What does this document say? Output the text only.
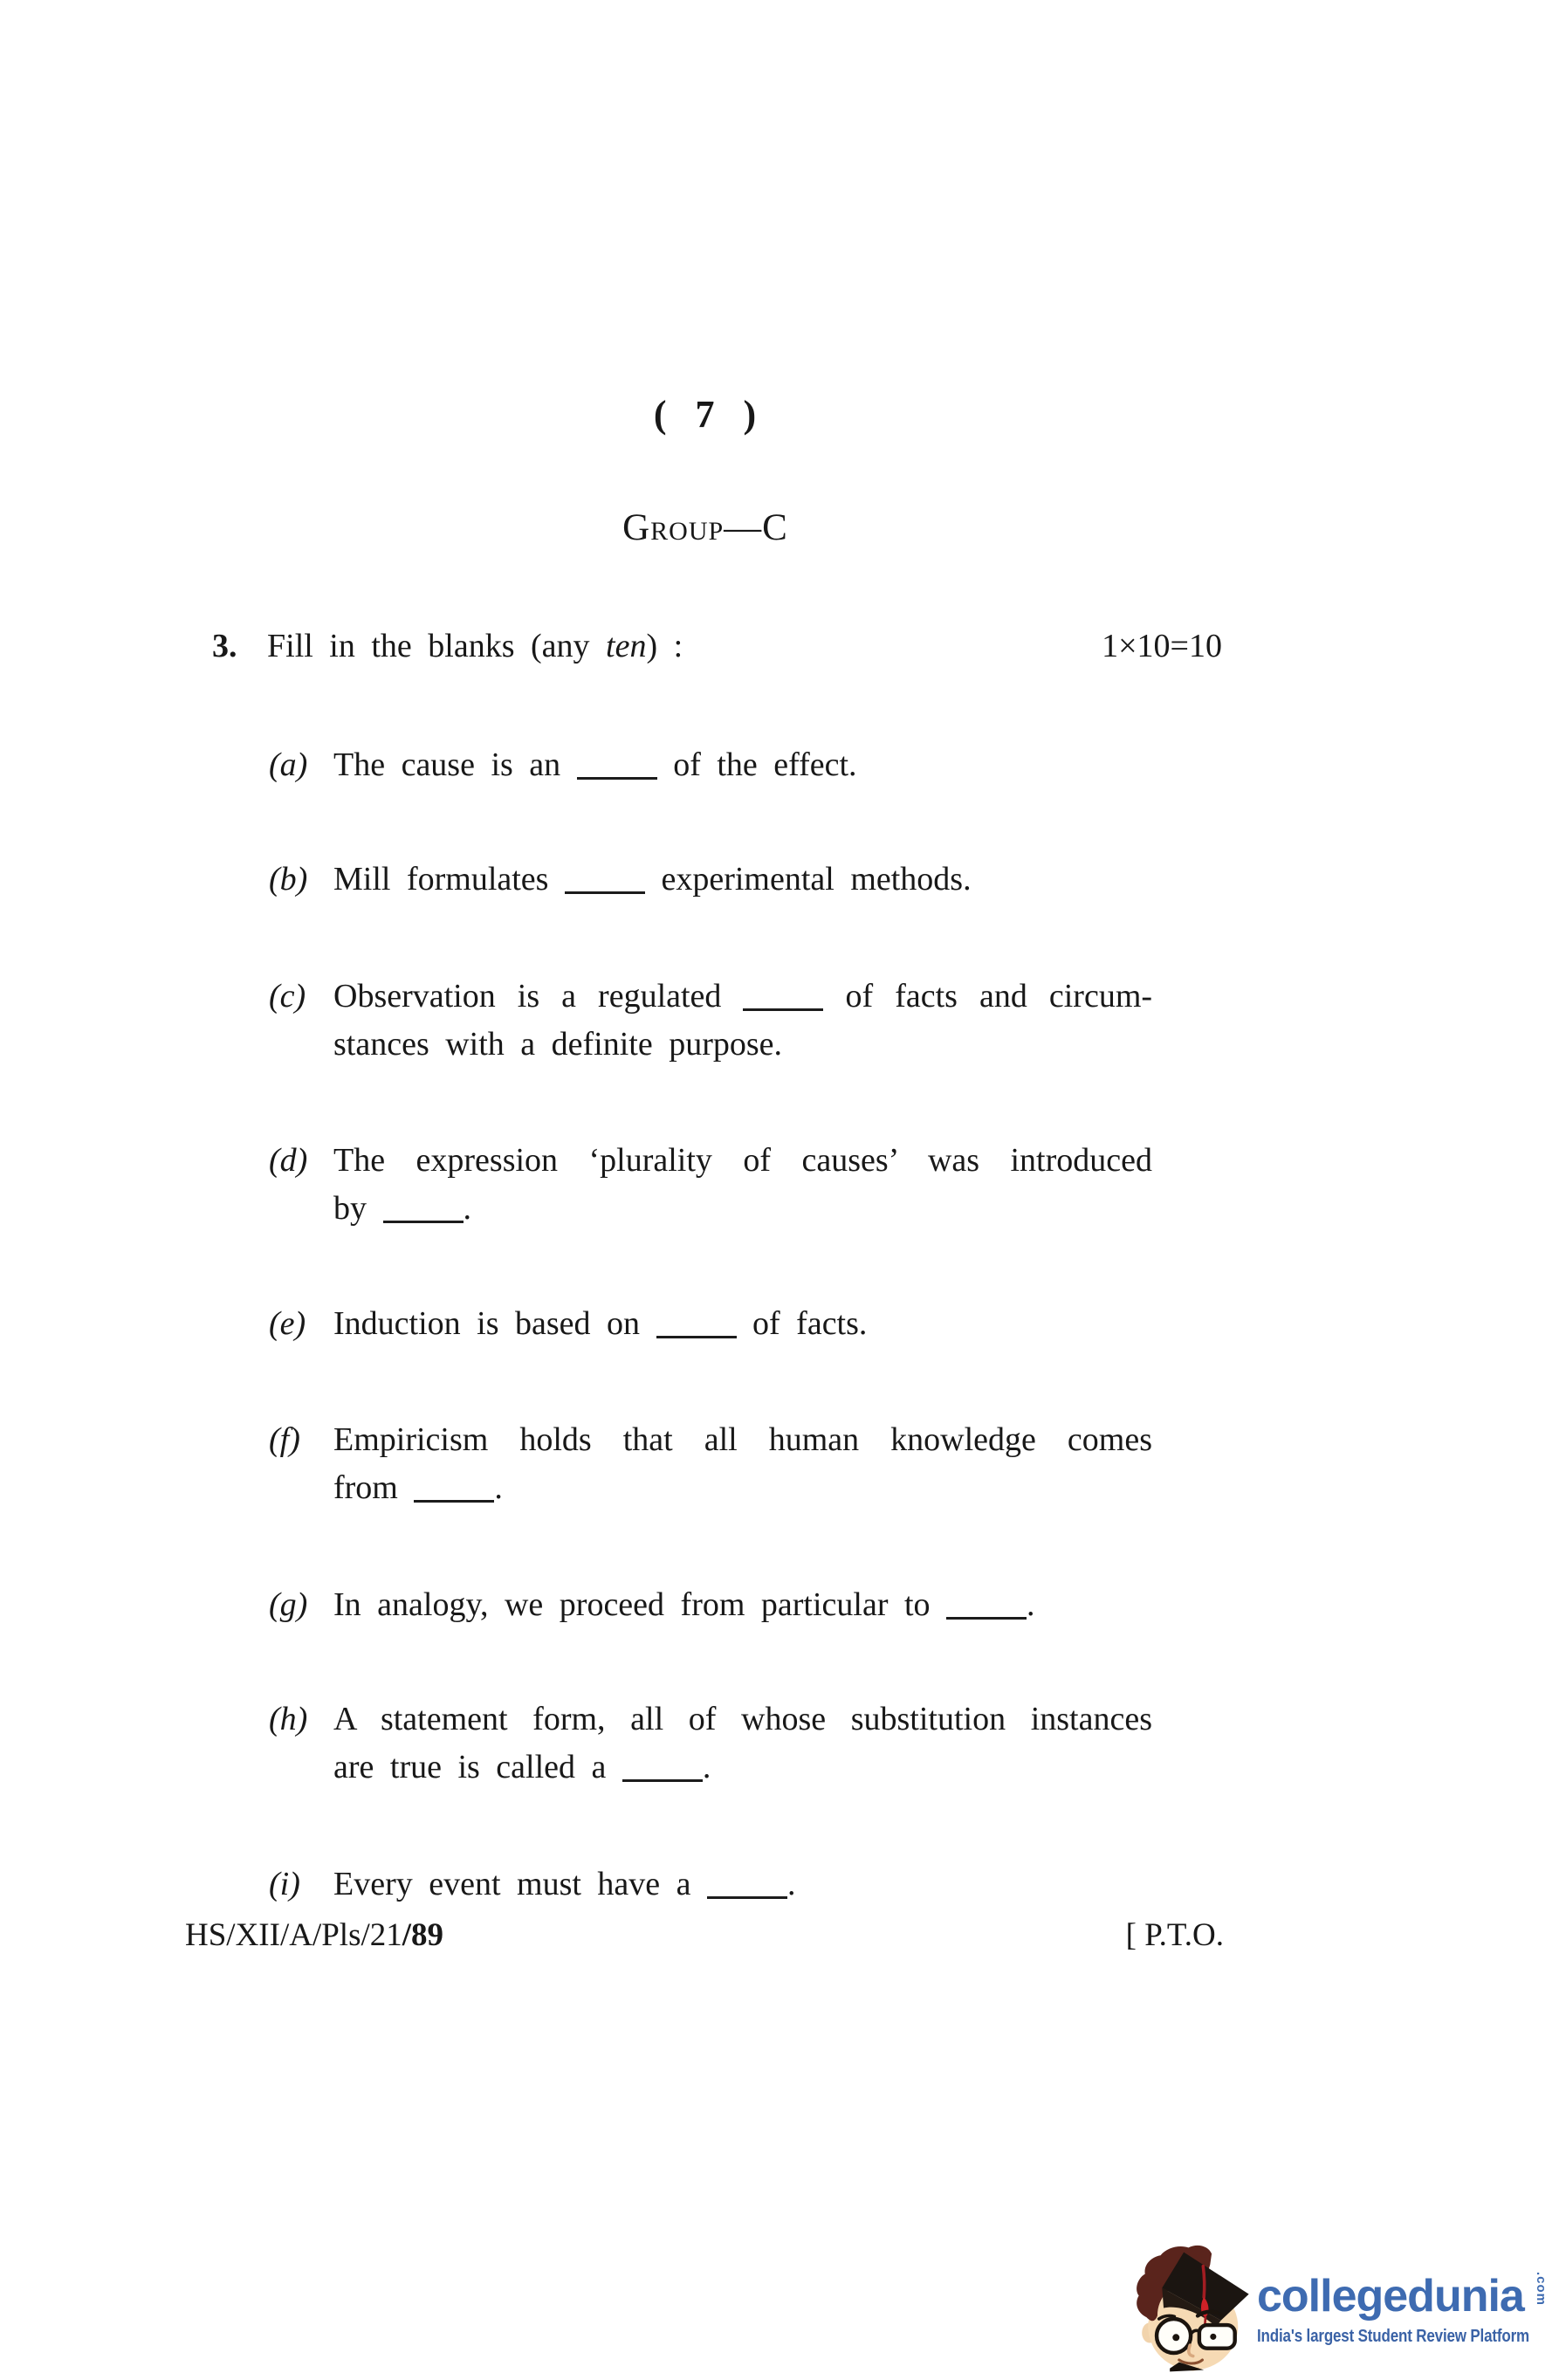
( 7 )
Group—C
3. Fill in the blanks (any ten) :	1×10=10
(a) The cause is an	of the effect.
(b) Mill formulates	experimental methods.
(c) Observation is a regulated	of facts and circum-
stances with a definite purpose.
(d) The expression ‘plurality of causes’ was introduced
by	.
(e) Induction is based on	of facts.
(f) Empiricism holds that all human knowledge comes
from	.
(g) In analogy, we proceed from particular to	.
(h) A statement form, all of whose substitution instances
are true is called a	.
(i) Every event must have a	.
HS/XII/A/Pls/21/89	[ P.T.O.
collegedunia .com
India's largest Student Review Platform
